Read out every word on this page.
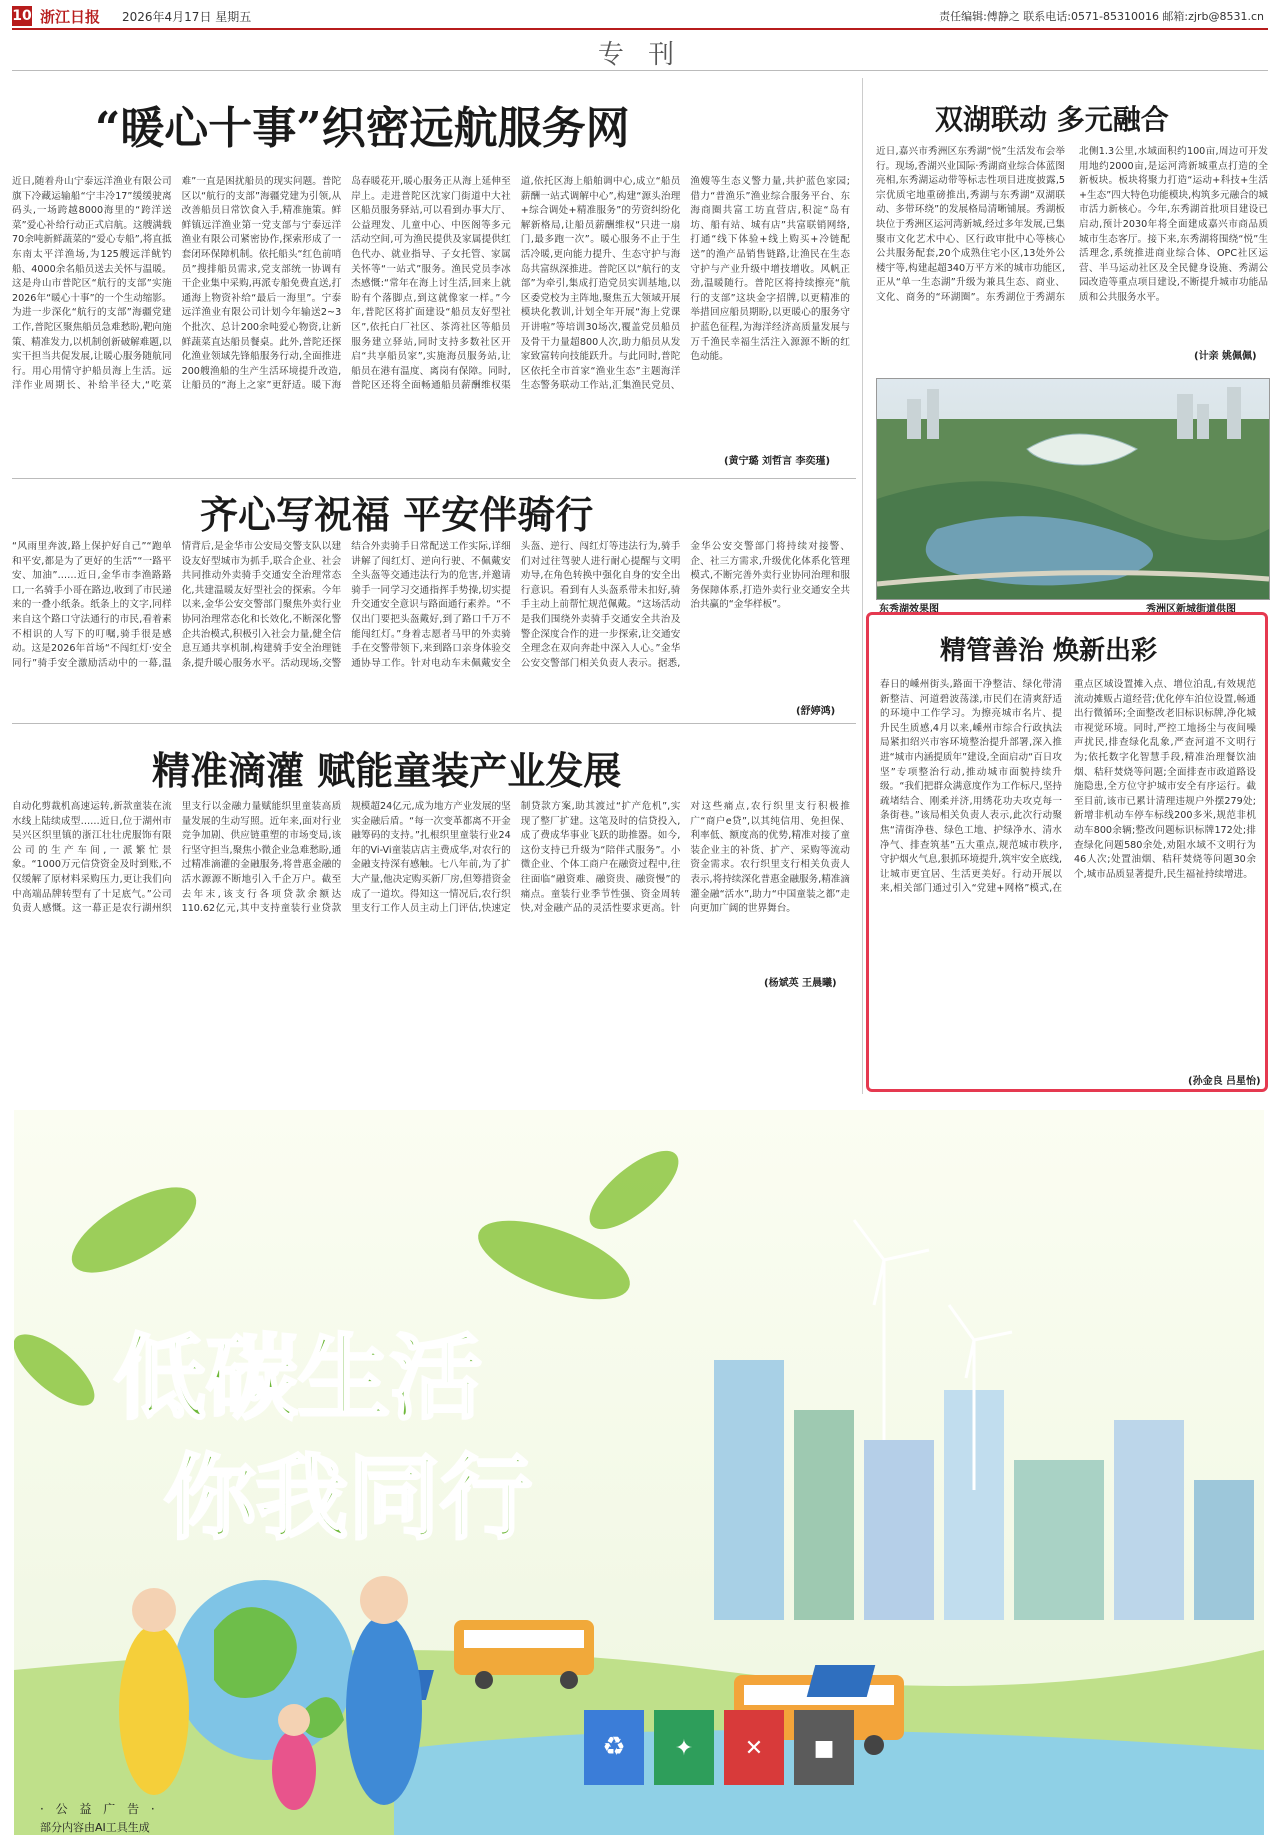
10 浙江日报 2026年4月17日 星期五	责任编辑:傅静之 联系电话:0571-85310016 邮箱:zjrb@8531.cn
专 刊
“暖心十事”织密远航服务网
近日,随着舟山宁泰远洋渔业有限公司旗下冷藏运输船“宁丰冷17”缓缓驶离码头,一场跨越8000海里的“跨洋送菜”爱心补给行动正式启航。这艘满载70余吨新鲜蔬菜的“爱心专船”,将直抵东南太平洋渔场,为125艘远洋鱿钓船、4000余名船员送去关怀与温暖。这是舟山市普陀区“航行的支部”实施2026年“暖心十事”的一个生动缩影。为进一步深化“航行的支部”海疆党建工作,普陀区聚焦船员急难愁盼,靶向施策、精准发力,以机制创新破解难题,以实干担当共促发展,让暖心服务随航同行。用心用情守护船员海上生活。远洋作业周期长、补给半径大,“吃菜难”一直是困扰船员的现实问题。普陀区以“航行的支部”海疆党建为引领,从改善船员日常饮食入手,精准施策。鲜鲜镇远洋渔业第一党支部与宁泰远洋渔业有限公司紧密协作,探索形成了一套闭环保障机制。依托船头“红色前哨员”搜排船员需求,党支部统一协调有干企业集中采购,再派专船免费直送,打通海上物资补给“最后一海里”。宁泰远洋渔业有限公司计划今年输送2~3个批次、总计200余吨爱心物资,让新鲜蔬菜直达船员餐桌。此外,普陀还探化渔业领域先锋船服务行动,全面推进200艘渔船的生产生活环境提升改造,让船员的“海上之家”更舒适。暖下海岛春暖花开,暖心服务正从海上延伸至岸上。走进普陀区沈家门街道中大社区船员服务驿站,可以看到办事大厅、公益理发、儿童中心、中医阁等多元活动空间,可为渔民提供及家属提供红色代办、就业指导、子女托管、家属关怀等“一站式”服务。渔民党员李冰杰感慨:“常年在海上讨生活,回来上就盼有个落脚点,到这就像家一样。”今年,普陀区将扩面建设“船员友好型社区”,依托白厂社区、茶湾社区等船员服务建立驿站,同时支持多数社区开启“共享船员家”,实施海员服务站,让船员在港有温度、离岗有保障。同时,普陀区还将全面畅通船员薪酬维权渠道,依托区海上船舶调中心,成立“船员薪酬一站式调解中心”,构建“源头治理+综合调处+精准服务”的劳资纠纷化解新格局,让船员薪酬维权“只进一扇门,最多跑一次”。暖心服务不止于生活冷暖,更向能力提升、生态守护与海岛共富纵深推进。普陀区以“航行的支部”为牵引,集成打造党员实训基地,以区委党校为主阵地,聚焦五大领域开展模块化教训,计划全年开展“海上党课开讲啦”等培训30场次,覆盖党员船员及骨干力量超800人次,助力船员从发家致富转向技能跃升。与此同时,普陀区依托全市首家“渔业生态”主题海洋生态警务联动工作站,汇集渔民党员、渔嫂等生态义警力量,共护蓝色家园;借力“普渔乐”渔业综合服务平台、东海商圈共富工坊直营店,积淀“岛有坊、船有站、城有店”共富联销网络,打通“线下体验+线上购买+冷链配送”的渔产品销售链路,让渔民在生态守护与产业升级中增技增收。风帆正劲,温暖随行。普陀区将持续擦亮“航行的支部”这块金字招牌,以更精准的举措回应船员期盼,以更暖心的服务守护蓝色征程,为海洋经济高质量发展与万千渔民幸福生活注入源源不断的红色动能。
(黄宁璐 刘哲言 李奕瑾)
双湖联动 多元融合
近日,嘉兴市秀洲区东秀湖“悦”生活发布会举行。现场,香湖兴业国际·秀湖商业综合体蓝图亮相,东秀湖运动带等标志性项目进度披露,5宗优质宅地重磅推出,秀湖与东秀湖“双湖联动、多带环绕”的发展格局清晰铺展。秀湖板块位于秀洲区运河湾新城,经过多年发展,已集聚市文化艺术中心、区行政审批中心等核心公共服务配套,20个成熟住宅小区,13处外公楼宇等,构建起超340万平方米的城市功能区,正从“单一生态湖”升级为兼具生态、商业、文化、商务的“环湖圈”。东秀湖位于秀湖东北侧1.3公里,水域面积约100亩,周边可开发用地约2000亩,是运河湾新城重点打造的全新板块。板块将聚力打造“运动+科技+生活+生态”四大特色功能模块,构筑多元融合的城市活力新核心。今年,东秀湖首批项目建设已启动,预计2030年将全面建成嘉兴市商品质城市生态客厅。接下来,东秀湖将围绕“悦”生活理念,系统推进商业综合体、OPC社区运营、半马运动社区及全民健身设施、秀湖公园改造等重点项目建设,不断提升城市功能品质和公共服务水平。
(计亲 姚佩佩)
东秀湖效果图	秀洲区新城街道供图
齐心写祝福 平安伴骑行
“风雨里奔波,路上保护好自己”“跑单和平安,都是为了更好的生活”“一路平安、加油”……近日,金华市李渔路路口,一名骑手小哥在路边,收到了市民递来的一叠小纸条。纸条上的文字,同样来自这个路口守法通行的市民,看着素不相识的人写下的叮嘱,骑手很是感动。这是2026年首场“不闯红灯·安全同行”骑手安全激励活动中的一幕,温情背后,是金华市公安局交警支队以建设友好型城市为抓手,联合企业、社会共同推动外卖骑手交通安全治理常态化,共建温暖友好型社会的探索。今年以来,金华公安交警部门聚焦外卖行业协同治理常态化和长效化,不断深化警企共治模式,积极引入社会力量,健全信息互通共享机制,构建骑手安全治理链条,提升暖心服务水平。活动现场,交警结合外卖骑手日常配送工作实际,详细讲解了闯红灯、逆向行驶、不佩戴安全头盔等交通违法行为的危害,并邀请骑手一同学习交通指挥手势操,切实提升交通安全意识与路面通行素养。“不仅出门要把头盔戴好,到了路口千万不能闯红灯。”身着志愿者马甲的外卖骑手在交警带领下,来到路口亲身体验交通协导工作。针对电动车未佩戴安全头盔、逆行、闯红灯等违法行为,骑手们对过往驾驶人进行耐心提醒与文明劝导,在角色转换中强化自身的安全出行意识。看到有人头盔系带未扣好,骑手主动上前帮忙规范佩戴。“这场活动是我们围绕外卖骑手交通安全共治及警企深度合作的进一步探索,让交通安全理念在双向奔赴中深入人心。”金华公安交警部门相关负责人表示。据悉,金华公安交警部门将持续对接警、企、社三方需求,升级优化体系化管理模式,不断完善外卖行业协同治理和服务保障体系,打造外卖行业交通安全共治共赢的“金华样板”。
(舒婷鸿)
精准滴灌 赋能童装产业发展
自动化剪裁机高速运转,新款童装在流水线上陆续成型……近日,位于湖州市吴兴区织里镇的浙江壮壮虎服饰有限公司的生产车间,一派繁忙景象。“1000万元信贷资金及时到账,不仅缓解了原材料采购压力,更让我们向中高端品牌转型有了十足底气。”公司负责人感慨。这一幕正是农行湖州织里支行以金融力量赋能织里童装高质量发展的生动写照。近年来,面对行业竞争加剧、供应链重塑的市场变局,该行坚守担当,聚焦小微企业急难愁盼,通过精准滴灌的金融服务,将普惠金融的活水源源不断地引入千企万户。截至去年末,该支行各项贷款余额达110.62亿元,其中支持童装行业贷款规模超24亿元,成为地方产业发展的坚实金融后盾。“每一次变革都离不开金融筹码的支持。”扎根织里童装行业24年的Vi-Vi童装店店主费成华,对农行的金融支持深有感触。七八年前,为了扩大产量,他决定购买新厂房,但筹措资金成了一道坎。得知这一情况后,农行织里支行工作人员主动上门评估,快速定制贷款方案,助其渡过“扩产危机”,实现了整厂扩建。这笔及时的信贷投入,成了费成华事业飞跃的助推器。如今,这份支持已升级为“陪伴式服务”。小微企业、个体工商户在融资过程中,往往面临“融资难、融资贵、融资慢”的痛点。童装行业季节性强、资金周转快,对金融产品的灵活性要求更高。针对这些痛点,农行织里支行积极推广“商户e贷”,以其纯信用、免担保、利率低、额度高的优势,精准对接了童装企业主的补货、扩产、采购等流动资金需求。农行织里支行相关负责人表示,将持续深化普惠金融服务,精准滴灌金融“活水”,助力“中国童装之都”走向更加广阔的世界舞台。
(杨斌英 王晨曦)
精管善治 焕新出彩
春日的嵊州街头,路面干净整洁、绿化带清新整洁、河道碧波荡漾,市民们在清爽舒适的环境中工作学习。为擦亮城市名片、提升民生质感,4月以来,嵊州市综合行政执法局紧扣绍兴市容环境整治提升部署,深入推进“城市内涵提质年”建设,全面启动“百日攻坚”专项整治行动,推动城市面貌持续升级。“我们把群众满意度作为工作标尺,坚持疏堵结合、刚柔并济,用绣花功夫攻克每一条街巷。”该局相关负责人表示,此次行动聚焦“清街净巷、绿色工地、护绿净水、清水净气、排查筑基”五大重点,规范城市秩序,守护烟火气息,狠抓环境提升,筑牢安全底线,让城市更宜居、生活更美好。行动开展以来,相关部门通过引入“党建+网格”模式,在重点区域设置摊入点、增位泊乱,有效规范流动摊贩占道经营;优化停车泊位设置,畅通出行微循环;全面整改老旧标识标牌,净化城市视觉环境。同时,严控工地扬尘与夜间噪声扰民,排查绿化乱象,严查河道不文明行为;依托数字化智慧手段,精准治理餐饮油烟、秸秆焚烧等问题;全面排查市政道路设施隐患,全方位守护城市安全有序运行。截至目前,该市已累计清理违规户外摆279处;新增非机动车停车标线200多米,规范非机动车800余辆;整改问题标识标牌172处;排查绿化问题580余处,劝阻水域不文明行为46人次;处置油烟、秸秆焚烧等问题30余个,城市品质显著提升,民生福祉持续增进。
(孙金良 吕星怡)
♻ ✦ ✕ ■
低碳生活
你我同行
· 公 益 广 告 ·
部分内容由AI工具生成
